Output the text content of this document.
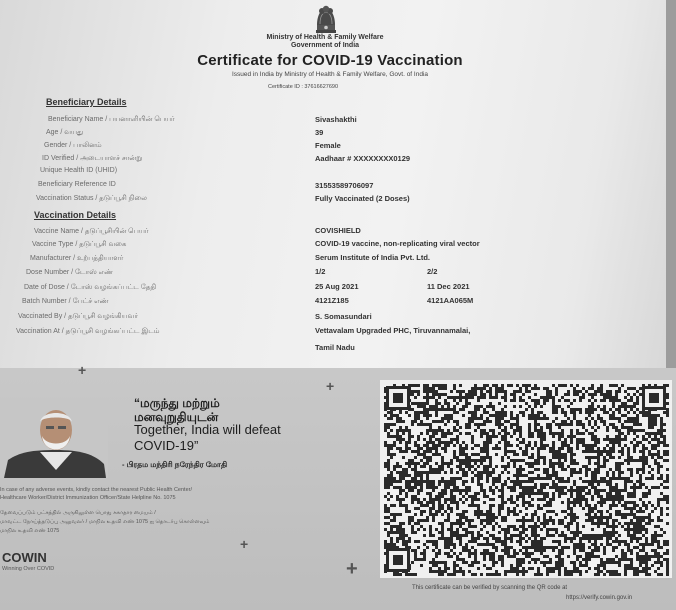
Ministry of Health & Family Welfare
Government of India
Certificate for COVID-19 Vaccination
Issued in India by Ministry of Health & Family Welfare, Govt. of India
Certificate ID : 37616627690
Beneficiary Details
Beneficiary Name / பயனாளியின் பெயர்	Sivashakthi
Age / வயது	39
Gender / பாலினம்	Female
ID Verified / அடையாளச் சான்று	Aadhaar # XXXXXXXX0129
Unique Health ID (UHID)
Beneficiary Reference ID	31553589706097
Vaccination Status / தடுப்பூசி நிலை	Fully Vaccinated (2 Doses)
Vaccination Details
Vaccine Name / தடுப்பூசியின் பெயர்	COVISHIELD
Vaccine Type / தடுப்பூசி வகை	COVID-19 vaccine, non-replicating viral vector
Manufacturer / உற்பத்தியாளர்	Serum Institute of India Pvt. Ltd.
Dose Number / டோஸ் எண்	1/2	2/2
Date of Dose / டோஸ் வழங்கப்பட்ட தேதி	25 Aug 2021	11 Dec 2021
Batch Number / பேட்ச் எண்	4121Z185	4121AA065M
Vaccinated By / தடுப்பூசி வழங்கியவர்	S. Somasundari
Vaccination At / தடுப்பூசி வழங்கப்பட்ட இடம்	Vettavalam Upgraded PHC, Tiruvannamalai,
Tamil Nadu
+
+
+
+
“மருந்து மற்றும்
மனவுறுதியுடன்
Together, India will defeat
COVID-19”
- பிரதம மந்திரி நரேந்திர மோதி
In case of any adverse events, kindly contact the nearest Public Health Center/
Healthcare Worker/District Immunization Officer/State Helpline No. 1075
தேவைப்படும் பட்சத்தில் அருகிலுள்ள பொது சுகாதார மையம் /
மாவட்ட நோய்த்தடுப்பு அலுவலர் / மாநில உதவி எண் 1075 ஐ தொடர்பு கொள்ளவும்
மாநில உதவி எண் 1075
COWIN
Winning Over COVID
This certificate can be verified by scanning the QR code at
https://verify.cowin.gov.in
